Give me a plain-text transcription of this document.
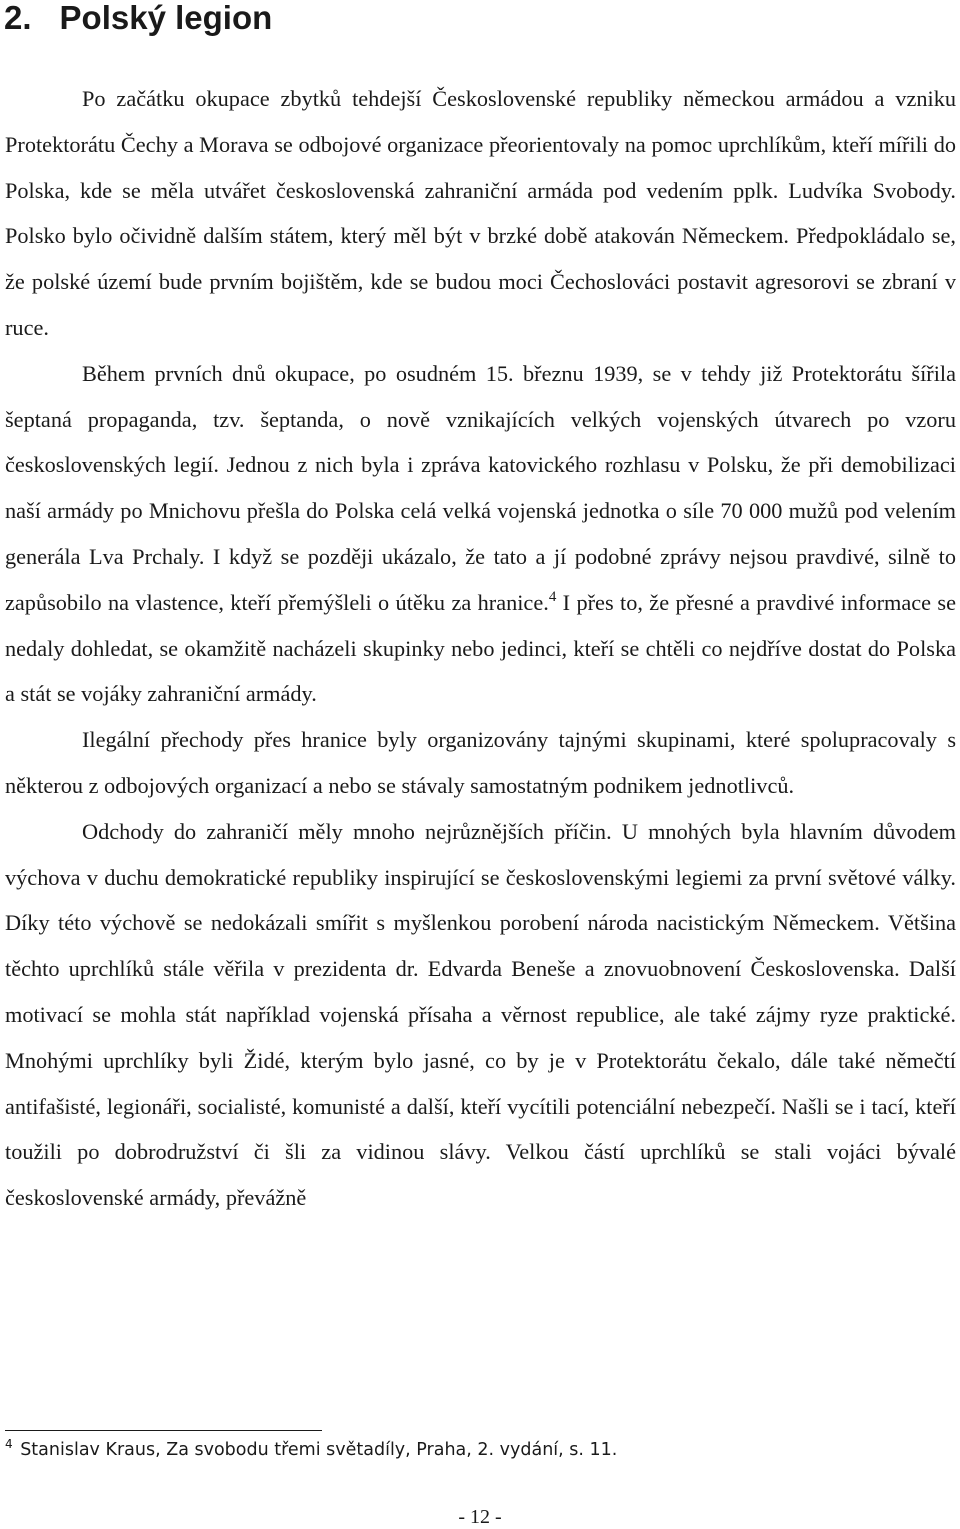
2. Polský legion

Po začátku okupace zbytků tehdejší Československé republiky německou armádou a vzniku Protektorátu Čechy a Morava se odbojové organizace přeorientovaly na pomoc uprchlíkům, kteří mířili do Polska, kde se měla utvářet československá zahraniční armáda pod vedením pplk. Ludvíka Svobody. Polsko bylo očividně dalším státem, který měl být v brzké době atakován Německem. Předpokládalo se, že polské území bude prvním bojištěm, kde se budou moci Čechoslováci postavit agresorovi se zbraní v ruce.

Během prvních dnů okupace, po osudném 15. březnu 1939, se v tehdy již Protektorátu šířila šeptaná propaganda, tzv. šeptanda, o nově vznikajících velkých vojenských útvarech po vzoru československých legií. Jednou z nich byla i zpráva katovického rozhlasu v Polsku, že při demobilizaci naší armády po Mnichovu přešla do Polska celá velká vojenská jednotka o síle 70 000 mužů pod velením generála Lva Prchaly. I když se později ukázalo, že tato a jí podobné zprávy nejsou pravdivé, silně to zapůsobilo na vlastence, kteří přemýšleli o útěku za hranice.$^4$ I přes to, že přesné a pravdivé informace se nedaly dohledat, se okamžitě nacházeli skupinky nebo jedinci, kteří se chtěli co nejdříve dostat do Polska a stát se vojáky zahraniční armády.

Ilegální přechody přes hranice byly organizovány tajnými skupinami, které spolupracovaly s některou z odbojových organizací a nebo se stávaly samostatným podnikem jednotlivců.

Odchody do zahraničí měly mnoho nejrůznějších příčin. U mnohých byla hlavním důvodem výchova v duchu demokratické republiky inspirující se československými legiemi za první světové války. Díky této výchově se nedokázali smířit s myšlenkou porobení národa nacistickým Německem. Většina těchto uprchlíků stále věřila v prezidenta dr. Edvarda Beneše a znovuobnovení Československa. Další motivací se mohla stát například vojenská přísaha a věrnost republice, ale také zájmy ryze praktické. Mnohými uprchlíky byli Židé, kterým bylo jasné, co by je v Protektorátu čekalo, dále také němečtí antifašisté, legionáři, socialisté, komunisté a další, kteří vycítili potenciální nebezpečí. Našli se i tací, kteří toužili po dobrodružství či šli za vidinou slávy. Velkou částí uprchlíků se stali vojáci bývalé československé armády, převážně

$^4$ Stanislav Kraus, Za svobodu třemi světadíly, Praha, 2. vydání, s. 11.
- 12 -
